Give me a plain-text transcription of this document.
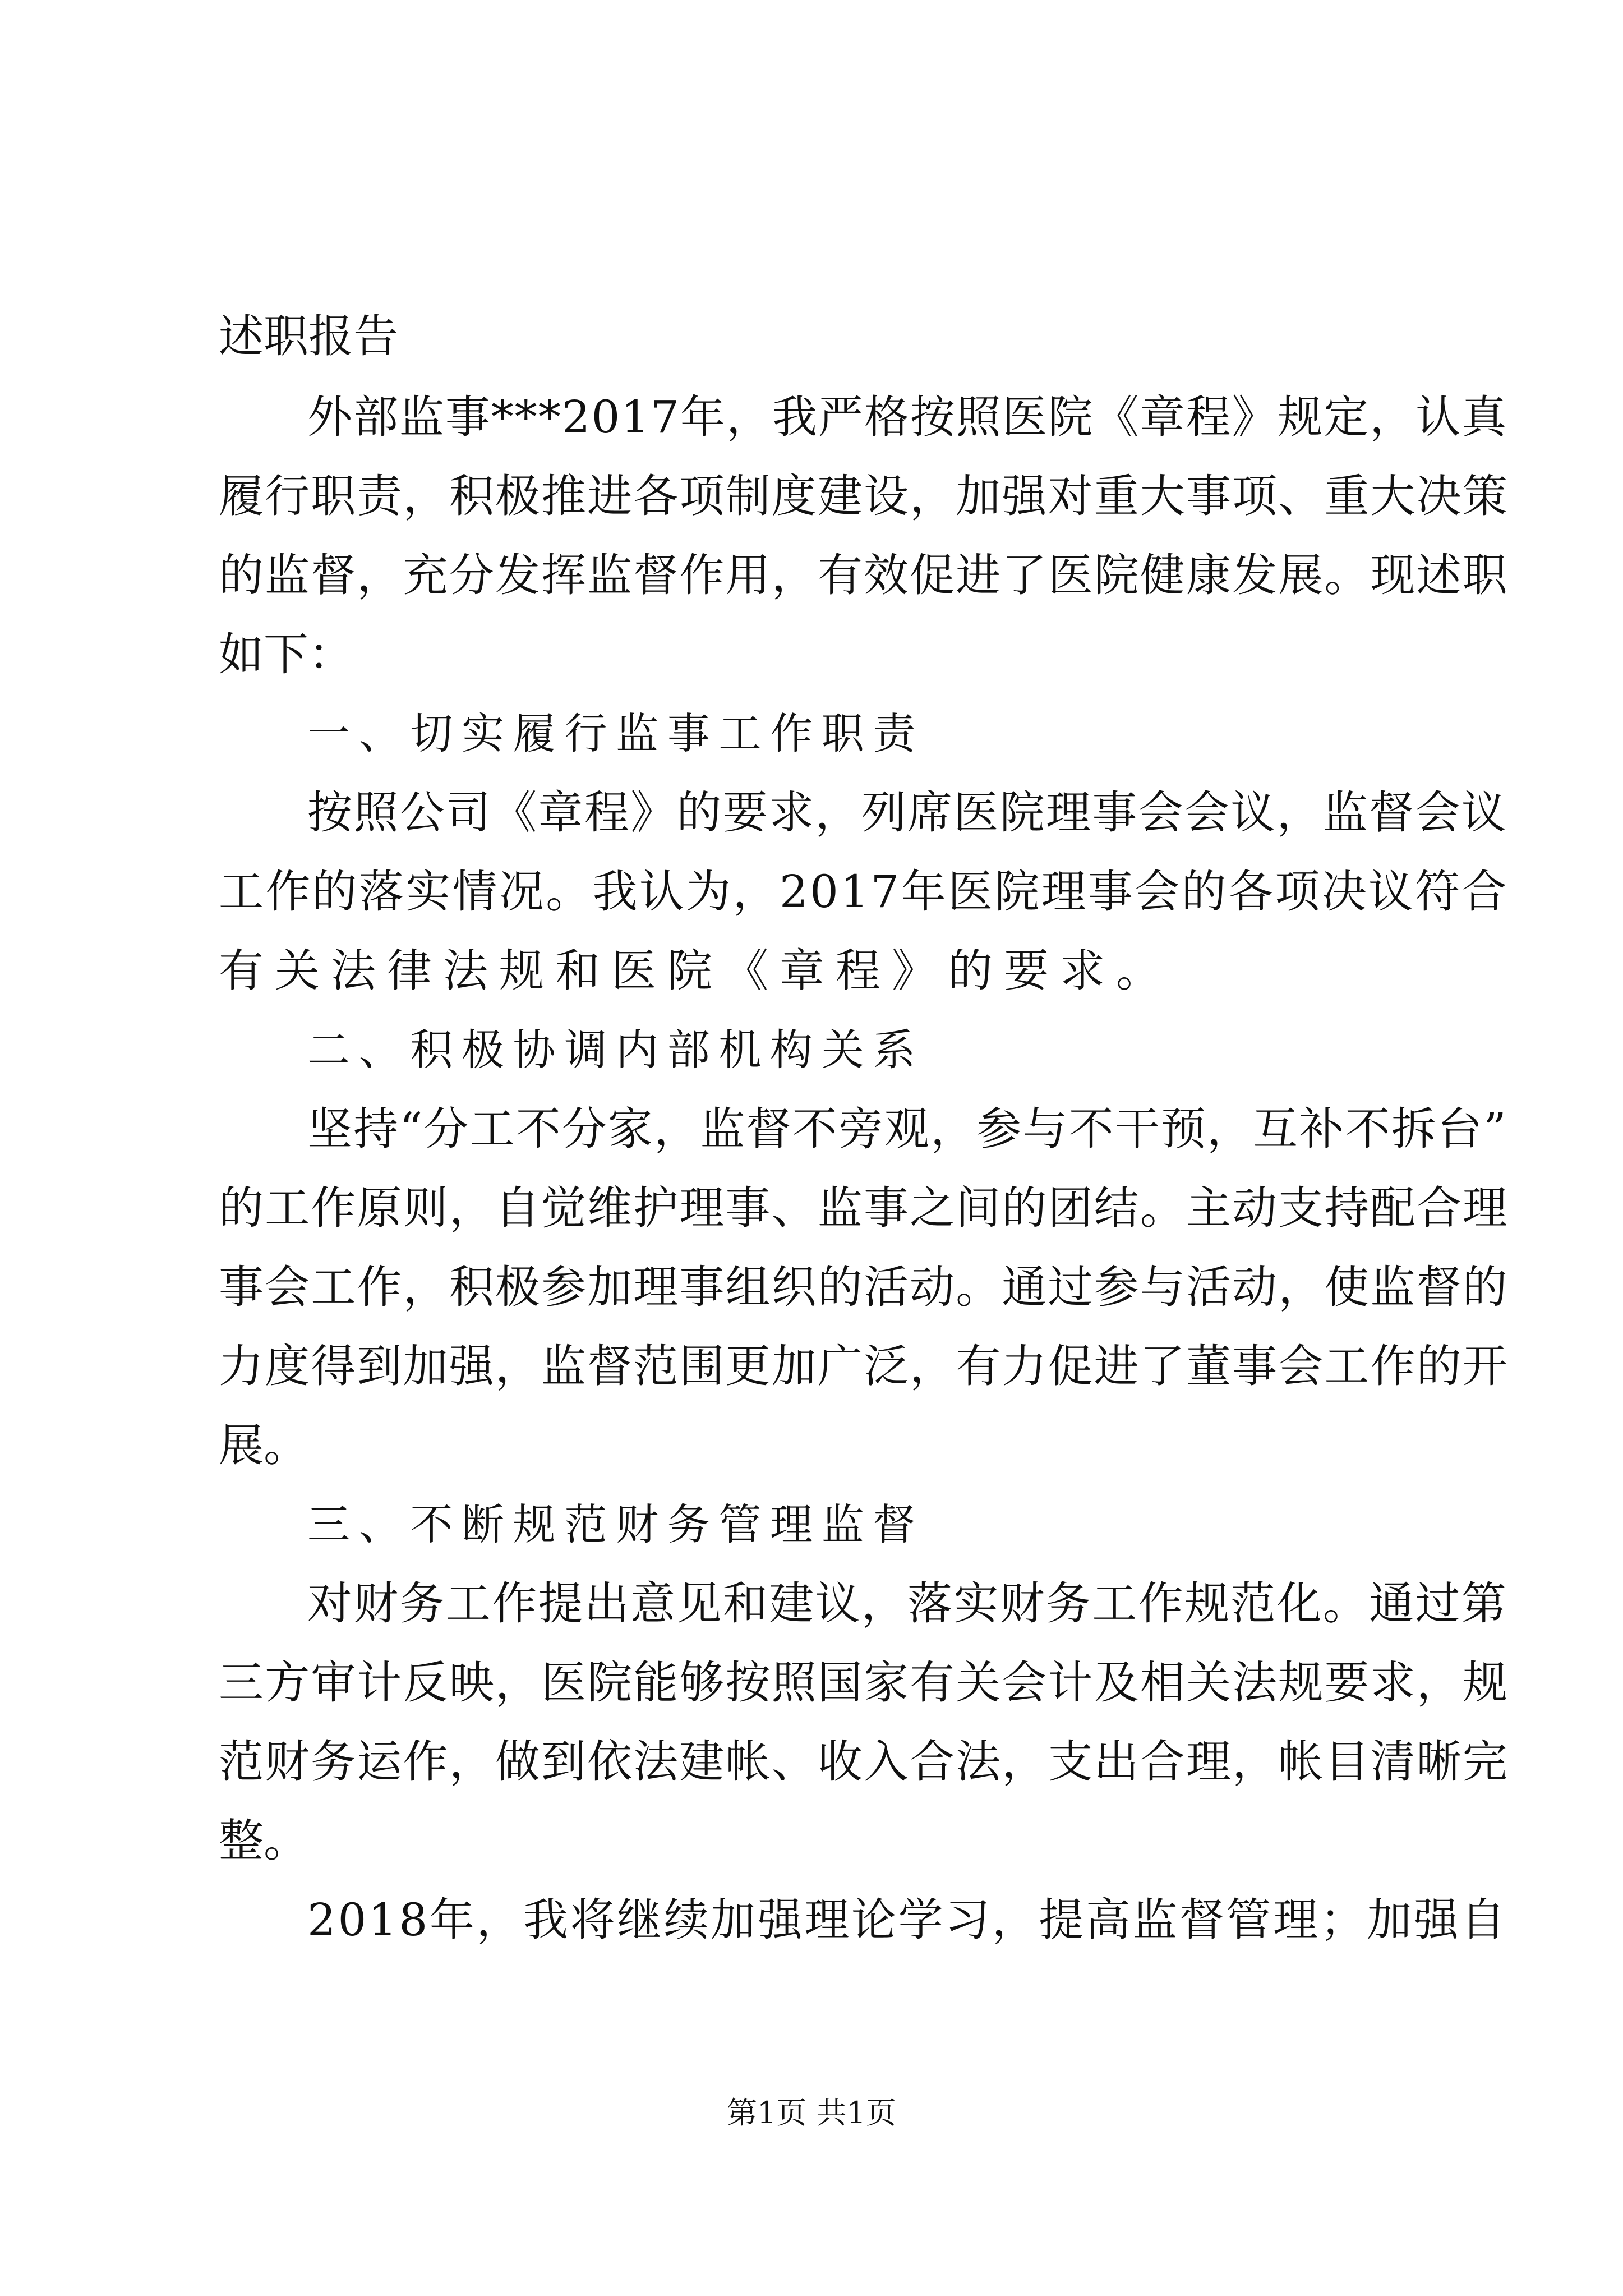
述职报告
外部监事***2017年，我严格按照医院《章程》规定，认真
履行职责，积极推进各项制度建设，加强对重大事项、重大决策
的监督，充分发挥监督作用，有效促进了医院健康发展。现述职
如下：
一、切实履行监事工作职责
按照公司《章程》的要求，列席医院理事会会议，监督会议
工作的落实情况。我认为，2017年医院理事会的各项决议符合
有关法律法规和医院《章程》的要求。
二、积极协调内部机构关系
坚持“分工不分家，监督不旁观，参与不干预，互补不拆台”
的工作原则，自觉维护理事、监事之间的团结。主动支持配合理
事会工作，积极参加理事组织的活动。通过参与活动，使监督的
力度得到加强，监督范围更加广泛，有力促进了董事会工作的开
展。
三、不断规范财务管理监督
对财务工作提出意见和建议，落实财务工作规范化。通过第
三方审计反映，医院能够按照国家有关会计及相关法规要求，规
范财务运作，做到依法建帐、收入合法，支出合理，帐目清晰完
整。
2018年，我将继续加强理论学习，提高监督管理；加强自
第1页 共1页
